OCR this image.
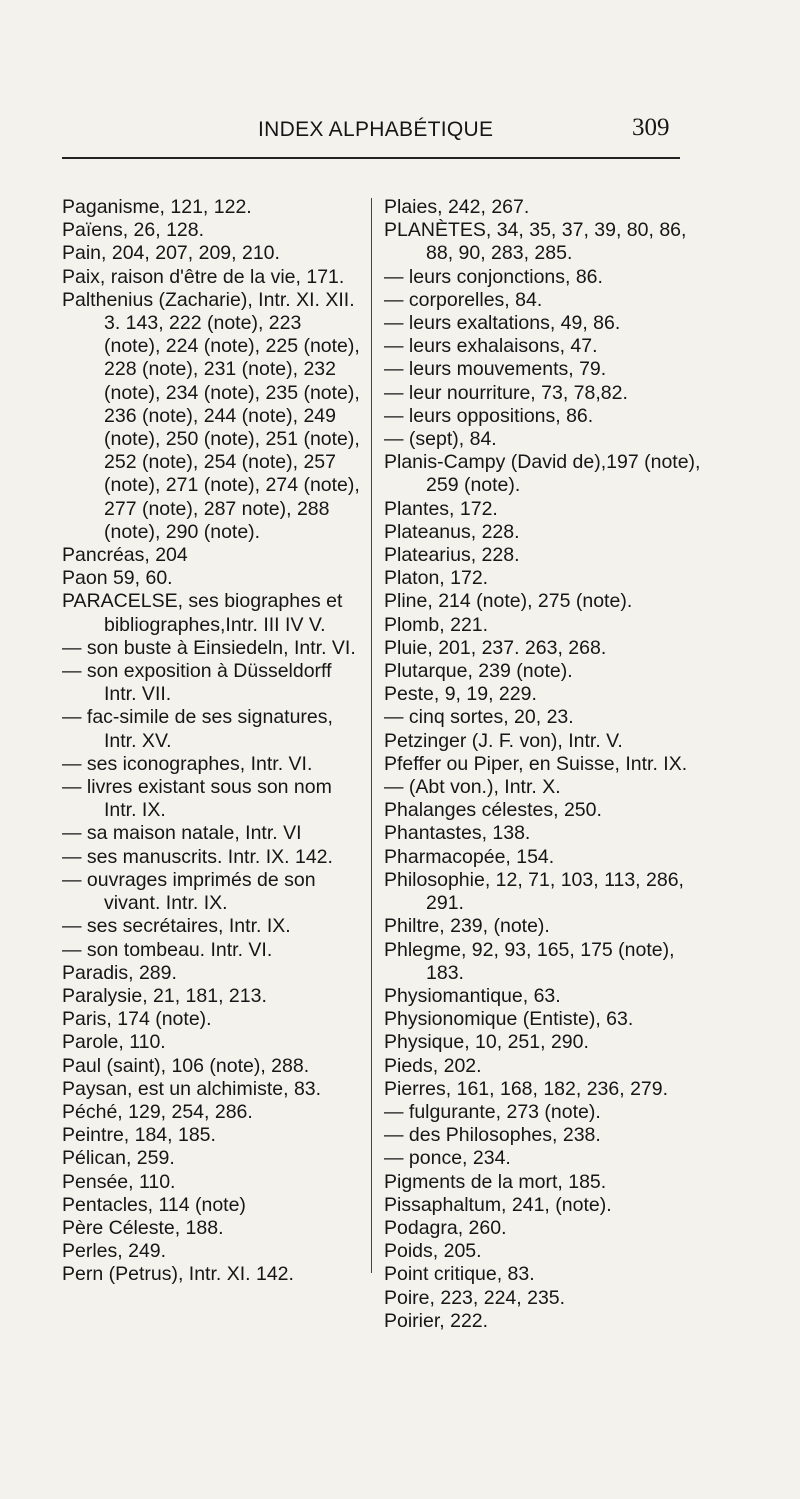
INDEX ALPHABÉTIQUE	309

Paganisme, 121, 122.

Païens, 26, 128.

Pain, 204, 207, 209, 210.

Paix, raison d'être de la vie, 171.

Palthenius (Zacharie), Intr. XI. XII. 3. 143, 222 (note), 223 (note), 224 (note), 225 (note), 228 (note), 231 (note), 232 (note), 234 (note), 235 (note), 236 (note), 244 (note), 249 (note), 250 (note), 251 (note), 252 (note), 254 (note), 257 (note), 271 (note), 274 (note), 277 (note), 287 note), 288 (note), 290 (note).

Pancréas, 204

Paon 59, 60.

PARACELSE, ses biographes et bibliographes,Intr. III IV V.

— son buste à Einsiedeln, Intr. VI.

— son exposition à Düsseldorff Intr. VII.

— fac-simile de ses signatures, Intr. XV.

— ses iconographes, Intr. VI.

— livres existant sous son nom Intr. IX.

— sa maison natale, Intr. VI

— ses manuscrits. Intr. IX. 142.

— ouvrages imprimés de son vivant. Intr. IX.

— ses secrétaires, Intr. IX.

— son tombeau. Intr. VI.

Paradis, 289.

Paralysie, 21, 181, 213.

Paris, 174 (note).

Parole, 110.

Paul (saint), 106 (note), 288.

Paysan, est un alchimiste, 83.

Péché, 129, 254, 286.

Peintre, 184, 185.

Pélican, 259.

Pensée, 110.

Pentacles, 114 (note)

Père Céleste, 188.

Perles, 249.

Pern (Petrus), Intr. XI. 142.

Plaies, 242, 267.

PLANÈTES, 34, 35, 37, 39, 80, 86, 88, 90, 283, 285.

— leurs conjonctions, 86.

— corporelles, 84.

— leurs exaltations, 49, 86.

— leurs exhalaisons, 47.

— leurs mouvements, 79.

— leur nourriture, 73, 78,82.

— leurs oppositions, 86.

— (sept), 84.

Planis-Campy (David de),197 (note), 259 (note).

Plantes, 172.

Plateanus, 228.

Platearius, 228.

Platon, 172.

Pline, 214 (note), 275 (note).

Plomb, 221.

Pluie, 201, 237. 263, 268.

Plutarque, 239 (note).

Peste, 9, 19, 229.

— cinq sortes, 20, 23.

Petzinger (J. F. von), Intr. V.

Pfeffer ou Piper, en Suisse, Intr. IX.

— (Abt von.), Intr. X.

Phalanges célestes, 250.

Phantastes, 138.

Pharmacopée, 154.

Philosophie, 12, 71, 103, 113, 286, 291.

Philtre, 239, (note).

Phlegme, 92, 93, 165, 175 (note), 183.

Physiomantique, 63.

Physionomique (Entiste), 63.

Physique, 10, 251, 290.

Pieds, 202.

Pierres, 161, 168, 182, 236, 279.

— fulgurante, 273 (note).

— des Philosophes, 238.

— ponce, 234.

Pigments de la mort, 185.

Pissaphaltum, 241, (note).

Podagra, 260.

Poids, 205.

Point critique, 83.

Poire, 223, 224, 235.

Poirier, 222.
